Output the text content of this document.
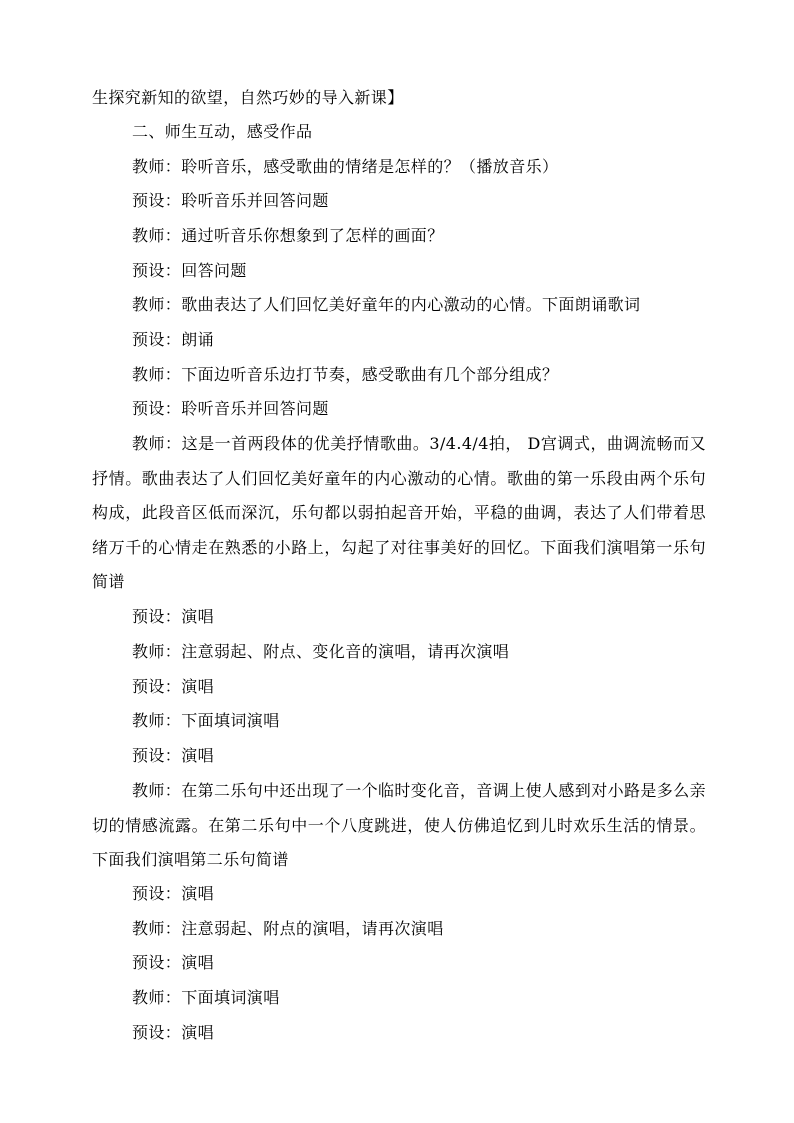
生探究新知的欲望，自然巧妙的导入新课】
二、师生互动，感受作品
教师：聆听音乐，感受歌曲的情绪是怎样的？（播放音乐）
预设：聆听音乐并回答问题
教师：通过听音乐你想象到了怎样的画面？
预设：回答问题
教师：歌曲表达了人们回忆美好童年的内心激动的心情。下面朗诵歌词
预设：朗诵
教师：下面边听音乐边打节奏，感受歌曲有几个部分组成？
预设：聆听音乐并回答问题
教师：这是一首两段体的优美抒情歌曲。3/4.4/4拍， D宫调式，曲调流畅而又抒情。歌曲表达了人们回忆美好童年的内心激动的心情。歌曲的第一乐段由两个乐句构成，此段音区低而深沉，乐句都以弱拍起音开始，平稳的曲调，表达了人们带着思绪万千的心情走在熟悉的小路上，勾起了对往事美好的回忆。下面我们演唱第一乐句简谱
预设：演唱
教师：注意弱起、附点、变化音的演唱，请再次演唱
预设：演唱
教师：下面填词演唱
预设：演唱
教师：在第二乐句中还出现了一个临时变化音，音调上使人感到对小路是多么亲切的情感流露。在第二乐句中一个八度跳进，使人仿佛追忆到儿时欢乐生活的情景。下面我们演唱第二乐句简谱
预设：演唱
教师：注意弱起、附点的演唱，请再次演唱
预设：演唱
教师：下面填词演唱
预设：演唱
